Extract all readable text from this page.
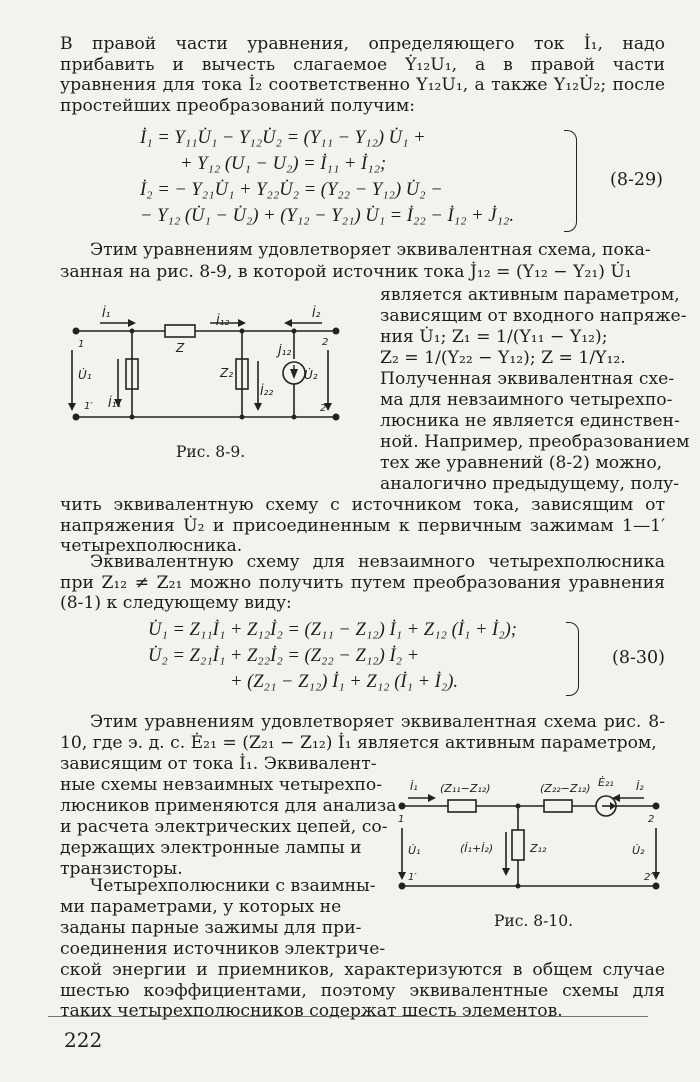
В правой части уравнения, определяющего ток İ₁, надо прибавить и вычесть слагаемое Ẏ₁₂U₁, а в правой части уравнения для тока İ₂ соответственно Y₁₂U₁, а также Y₁₂U̇₂; после простейших преобразований получим:

İ₁ = Y₁₁U̇₁ − Y₁₂U̇₂ = (Y₁₁ − Y₁₂) U̇₁ +

+ Y₁₂ (U₁ − U₂) = İ₁₁ + İ₁₂;

İ₂ = − Y₂₁U̇₁ + Y₂₂U̇₂ = (Y₂₂ − Y₁₂) U̇₂ −

− Y₁₂ (U̇₁ − U̇₂) + (Y₁₂ − Y₂₁) U̇₁ = İ₂₂ − İ₁₂ + J̇₁₂.

(8-29)

Этим уравнениям удовлетворяет эквивалентная схема, пока-

занная на рис. 8-9, в которой источник тока J̇₁₂ = (Y₁₂ − Y₂₁) U̇₁

является активным параметром,

зависящим от входного напряже-

ния U̇₁; Z₁ = 1/(Y₁₁ − Y₁₂);

Z₂ = 1/(Y₂₂ − Y₁₂); Z = 1/Y₁₂.

Полученная эквивалентная схе-

ма для невзаимного четырехпо-

люсника не является единствен-

ной. Например, преобразованием

тех же уравнений (8-2) можно,

аналогично предыдущему, полу-

İ₁
İ₁₂
İ₂
Z
Z₂
J̇₁₂
U̇₁	U̇₂
İ₁₁
İ₂₂
1
1′
2
2′

Рис. 8-9.

чить эквивалентную схему с источником тока, зависящим от напряжения U̇₂ и присоединенным к первичным зажимам 1—1′ четырехполюсника.

Эквивалентную схему для невзаимного четырехполюсника при Z₁₂ ≠ Z₂₁ можно получить путем преобразования уравнения (8-1) к следующему виду:

U̇₁ = Z₁₁İ₁ + Z₁₂İ₂ = (Z₁₁ − Z₁₂) İ₁ + Z₁₂ (İ₁ + İ₂);

U̇₂ = Z₂₁İ₁ + Z₂₂İ₂ = (Z₂₂ − Z₁₂) İ₂ +

+ (Z₂₁ − Z₁₂) İ₁ + Z₁₂ (İ₁ + İ₂).

(8-30)

Этим уравнениям удовлетворяет эквивалентная схема рис. 8-10, где э. д. с. Ė₂₁ = (Z₂₁ − Z₁₂) İ₁ является активным параметром,

зависящим от тока İ₁. Эквивалент-

ные схемы невзаимных четырехпо-

люсников применяются для анализа

и расчета электрических цепей, со-

держащих электронные лампы и

транзисторы.

Четырехполюсники с взаимны-

ми параметрами, у которых не

заданы парные зажимы для при-

соединения источников электриче-

ской энергии и приемников, характеризуются в общем случае шестью коэффициентами, поэтому эквивалентные схемы для таких четырехполюсников содержат шесть элементов.

İ₁ (Z₁₁−Z₁₂)	(Z₂₂−Z₁₂) Ė₂₁ İ₂
U̇₁	(İ₁+İ₂)	Z₁₂	U̇₂
1
1′
2
2′

Рис. 8-10.

222
